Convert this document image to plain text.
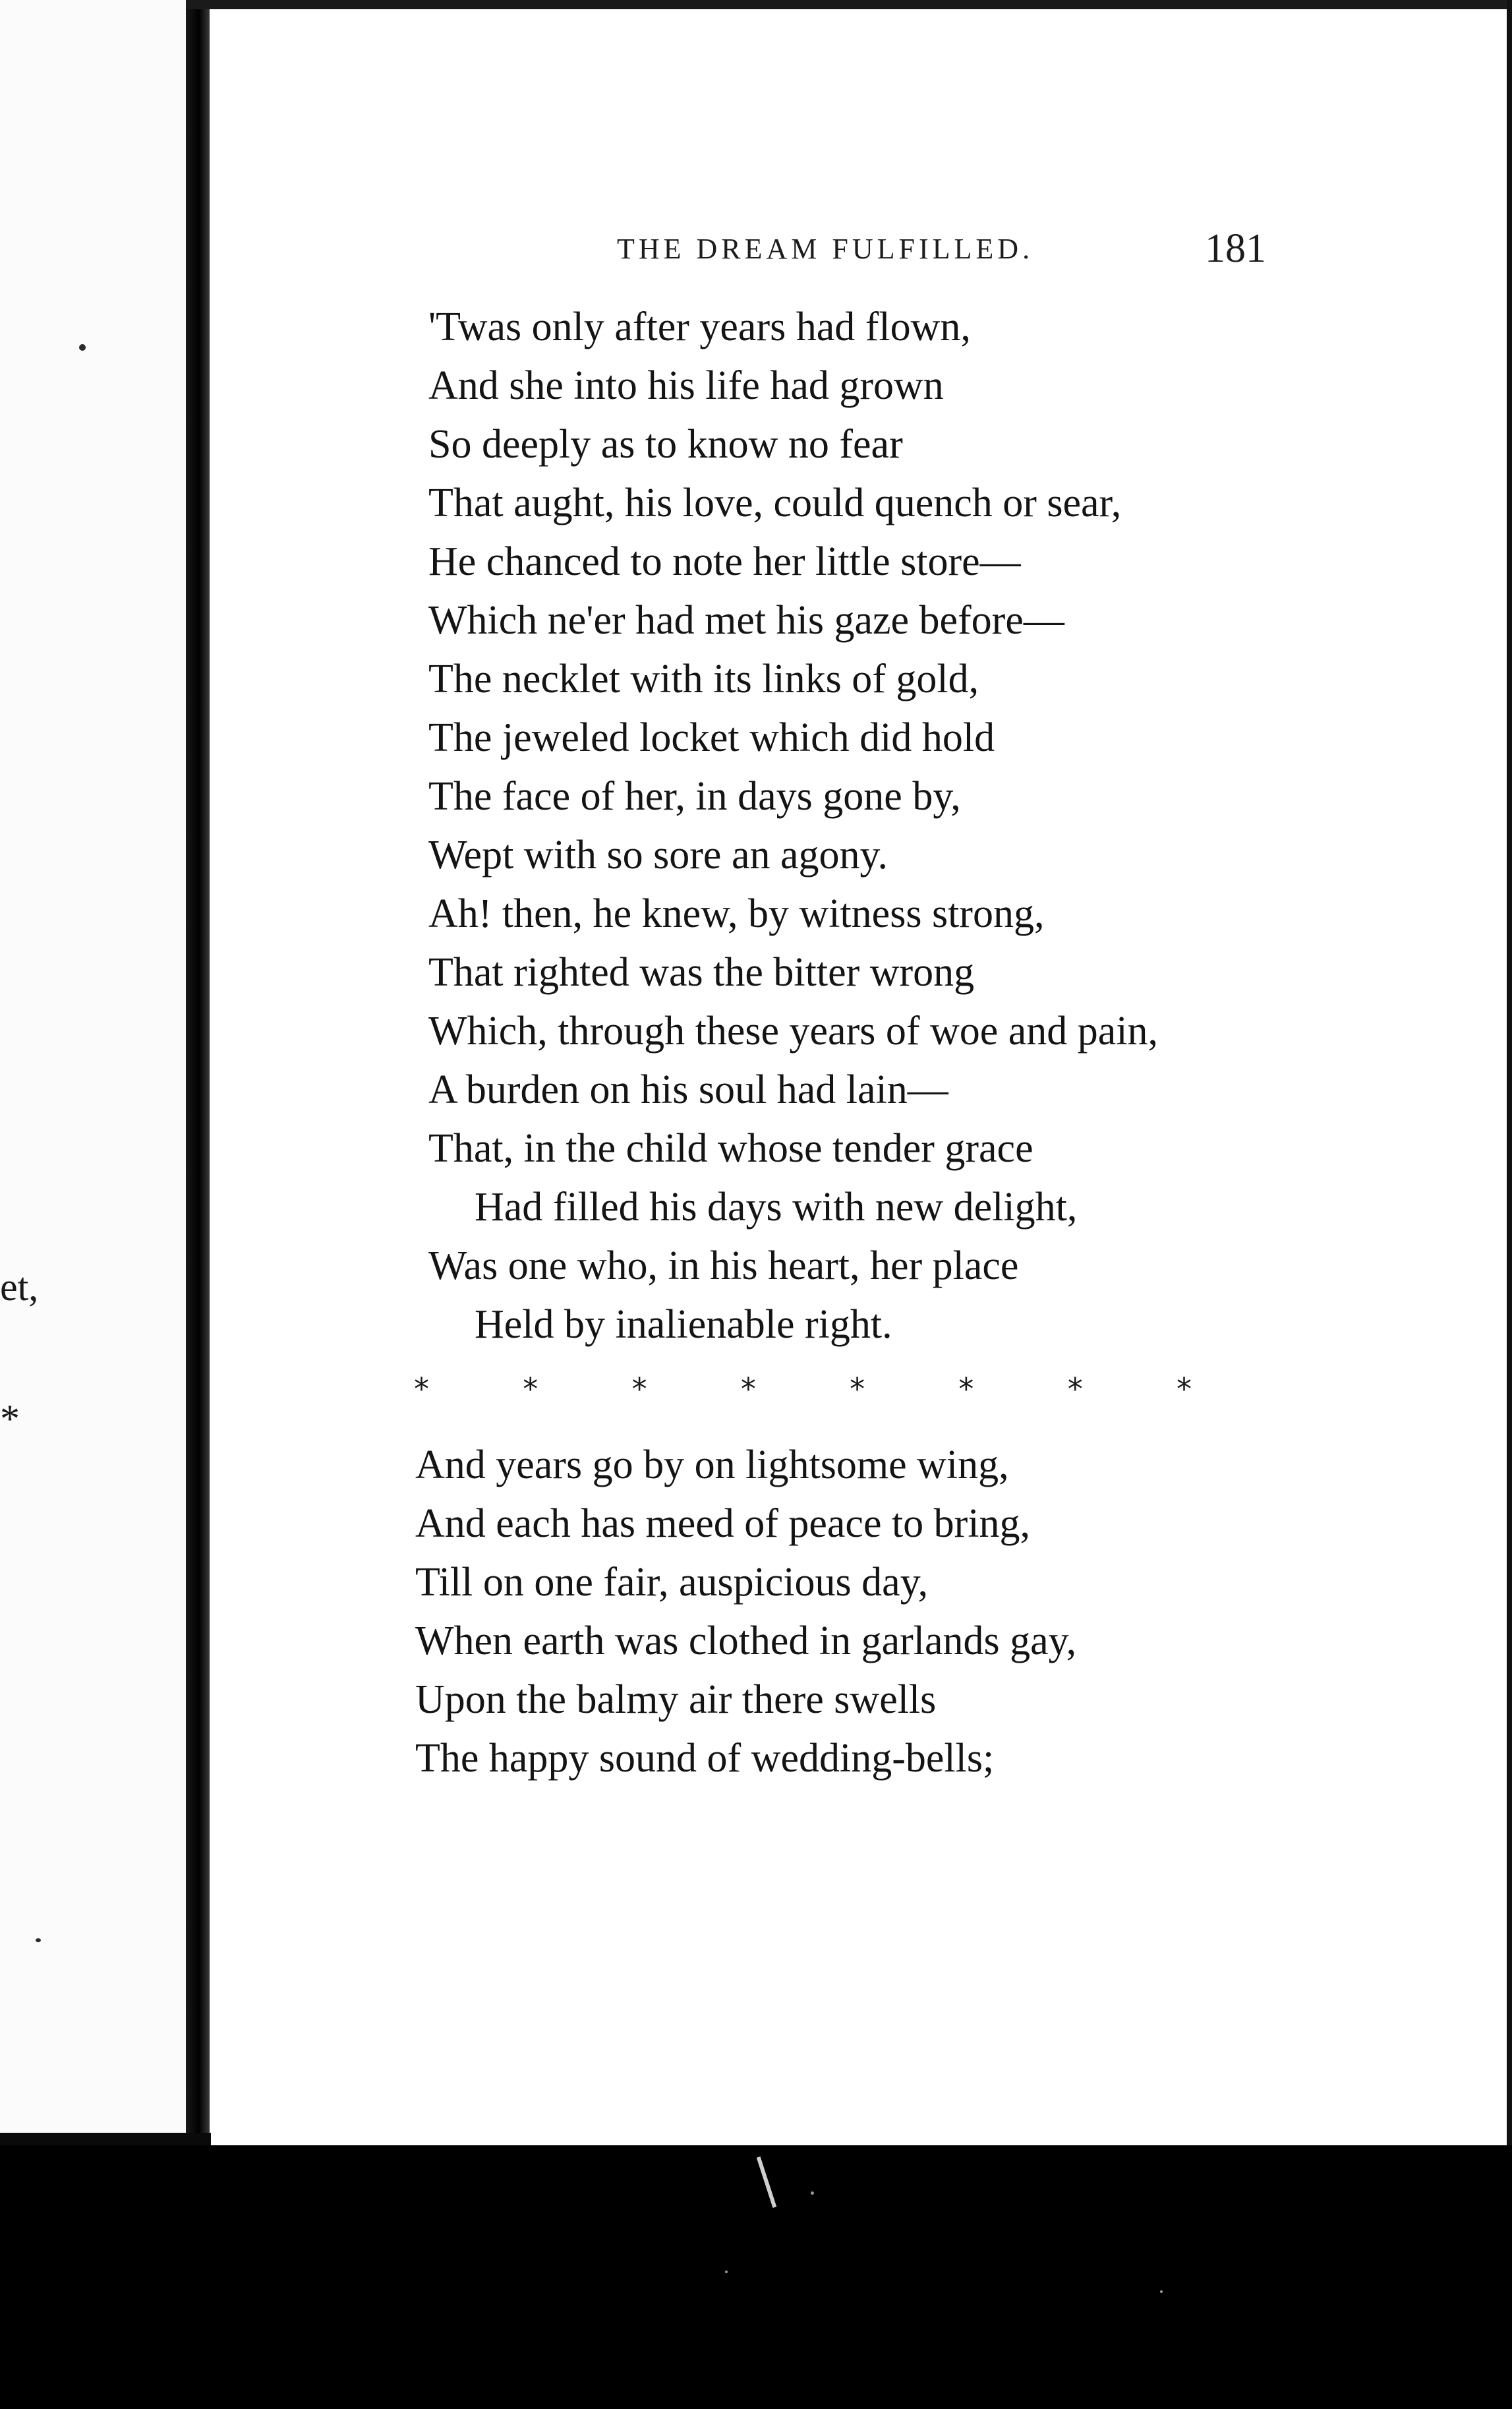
et,
*
THE DREAM FULFILLED.	181
'Twas only after years had flown,
And she into his life had grown
So deeply as to know no fear
That aught, his love, could quench or sear,
He chanced to note her little store—
Which ne'er had met his gaze before—
The necklet with its links of gold,
The jeweled locket which did hold
The face of her, in days gone by,
Wept with so sore an agony.
Ah! then, he knew, by witness strong,
That righted was the bitter wrong
Which, through these years of woe and pain,
A burden on his soul had lain—
That, in the child whose tender grace
Had filled his days with new delight,
Was one who, in his heart, her place
Held by inalienable right.
*	*	*	*	*	*	*	*
And years go by on lightsome wing,
And each has meed of peace to bring,
Till on one fair, auspicious day,
When earth was clothed in garlands gay,
Upon the balmy air there swells
The happy sound of wedding-bells;
